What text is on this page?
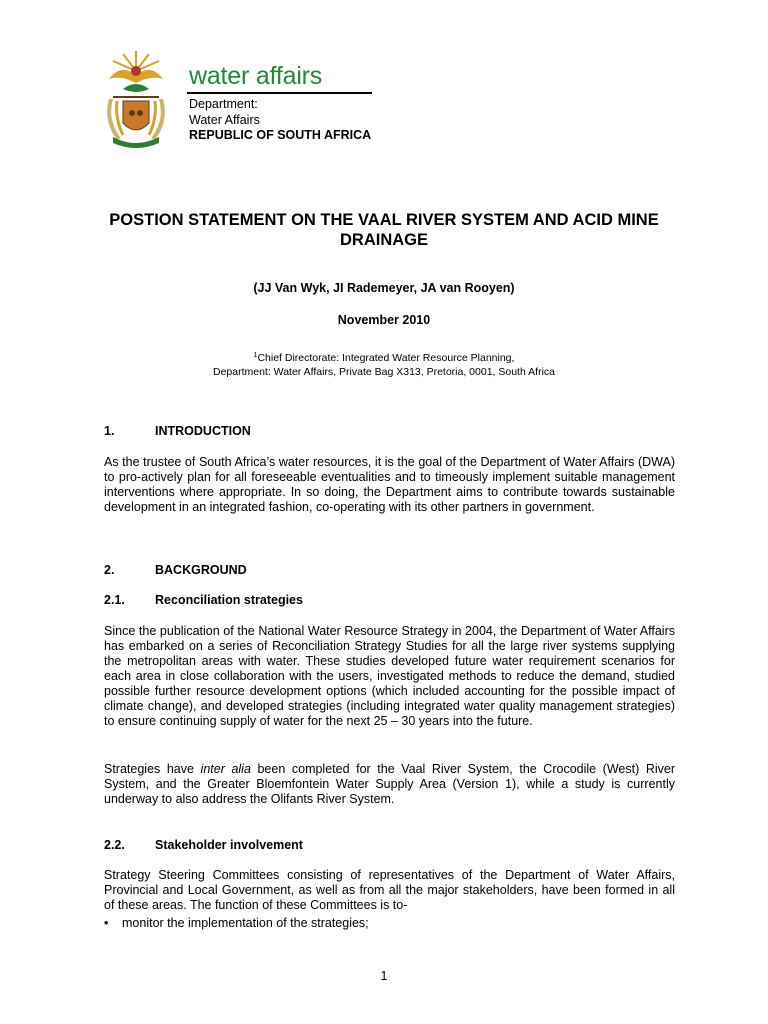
water affairs
Department:
Water Affairs
REPUBLIC OF SOUTH AFRICA
POSTION STATEMENT ON THE VAAL RIVER SYSTEM AND ACID MINE
DRAINAGE
(JJ Van Wyk, JI Rademeyer, JA van Rooyen)
November 2010
$^1$Chief Directorate: Integrated Water Resource Planning,
Department: Water Affairs, Private Bag X313, Pretoria, 0001, South Africa
1.	INTRODUCTION
As the trustee of South Africa’s water resources, it is the goal of the Department of Water Affairs (DWA) to pro-actively plan for all foreseeable eventualities and to timeously implement suitable management interventions where appropriate. In so doing, the Department aims to contribute towards sustainable development in an integrated fashion, co-operating with its other partners in government.
2.	BACKGROUND
2.1. Reconciliation strategies
Since the publication of the National Water Resource Strategy in 2004, the Department of Water Affairs has embarked on a series of Reconciliation Strategy Studies for all the large river systems supplying the metropolitan areas with water. These studies developed future water requirement scenarios for each area in close collaboration with the users, investigated methods to reduce the demand, studied possible further resource development options (which included accounting for the possible impact of climate change), and developed strategies (including integrated water quality management strategies) to ensure continuing supply of water for the next 25 – 30 years into the future.
Strategies have inter alia been completed for the Vaal River System, the Crocodile (West) River System, and the Greater Bloemfontein Water Supply Area (Version 1), while a study is currently underway to also address the Olifants River System.
2.2. Stakeholder involvement
Strategy Steering Committees consisting of representatives of the Department of Water Affairs, Provincial and Local Government, as well as from all the major stakeholders, have been formed in all of these areas. The function of these Committees is to-
• monitor the implementation of the strategies;
1
